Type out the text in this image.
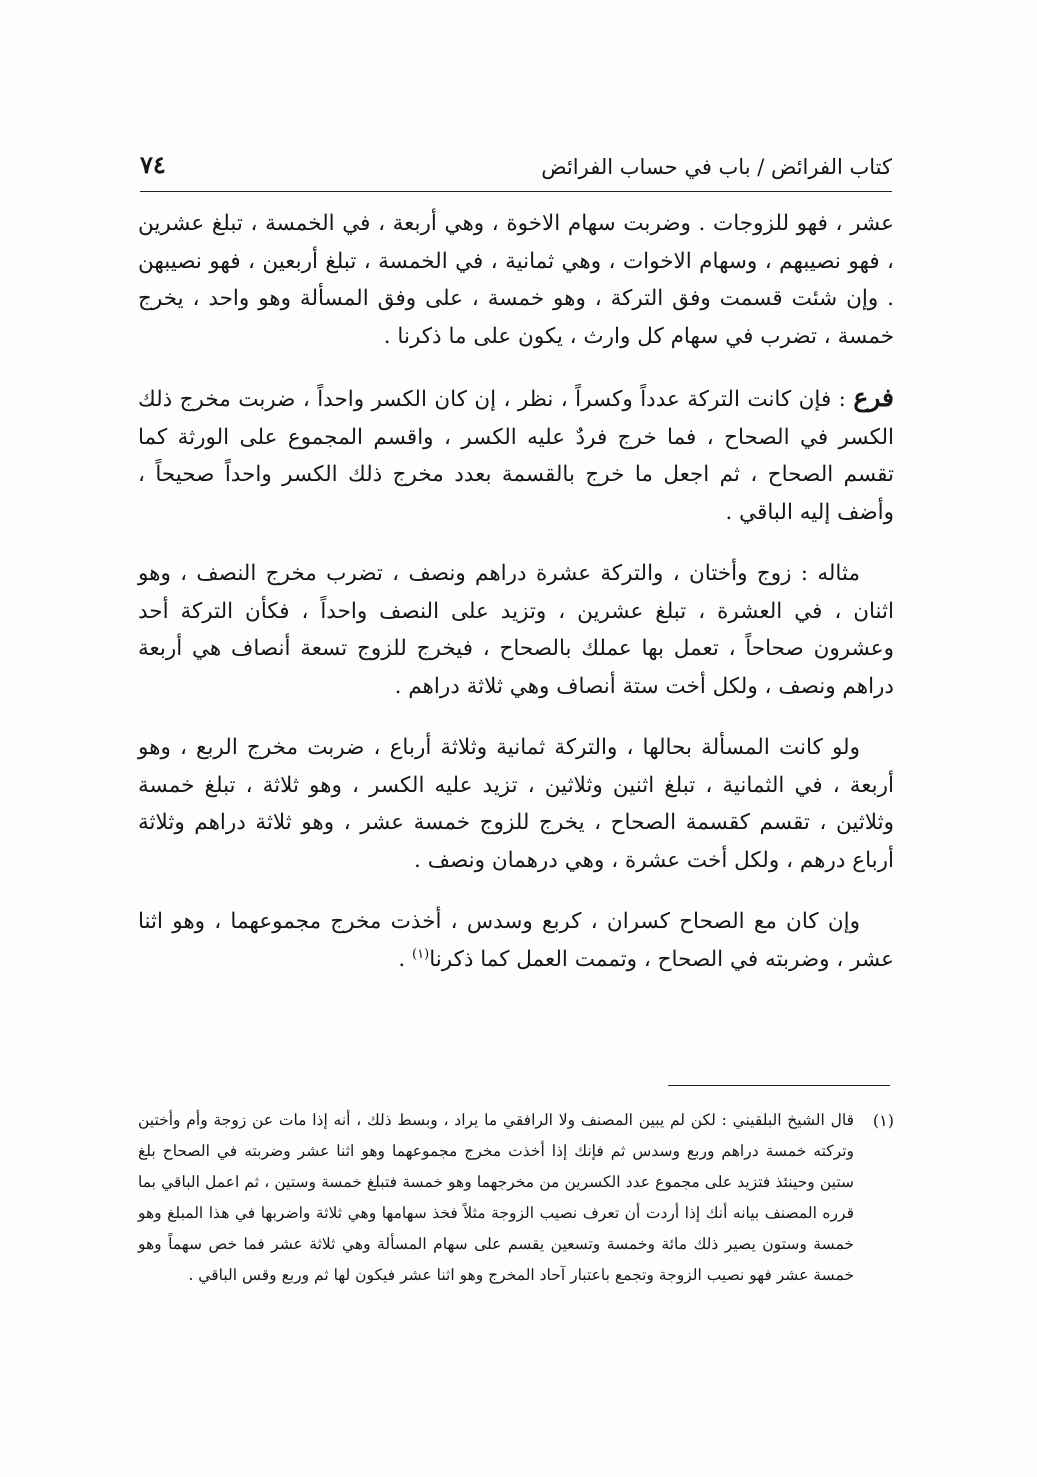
كتاب الفرائض / باب في حساب الفرائض
٧٤

عشر ، فهو للزوجات . وضربت سهام الاخوة ، وهي أربعة ، في الخمسة ، تبلغ عشرين ، فهو نصيبهم ، وسهام الاخوات ، وهي ثمانية ، في الخمسة ، تبلغ أربعين ، فهو نصيبهن . وإن شئت قسمت وفق التركة ، وهو خمسة ، على وفق المسألة وهو واحد ، يخرج خمسة ، تضرب في سهام كل وارث ، يكون على ما ذكرنا .

فرع : فإن كانت التركة عدداً وكسراً ، نظر ، إن كان الكسر واحداً ، ضربت مخرج ذلك الكسر في الصحاح ، فما خرج فردٌ عليه الكسر ، واقسم المجموع على الورثة كما تقسم الصحاح ، ثم اجعل ما خرج بالقسمة بعدد مخرج ذلك الكسر واحداً صحيحاً ، وأضف إليه الباقي .

مثاله : زوج وأختان ، والتركة عشرة دراهم ونصف ، تضرب مخرج النصف ، وهو اثنان ، في العشرة ، تبلغ عشرين ، وتزيد على النصف واحداً ، فكأن التركة أحد وعشرون صحاحاً ، تعمل بها عملك بالصحاح ، فيخرج للزوج تسعة أنصاف هي أربعة دراهم ونصف ، ولكل أخت ستة أنصاف وهي ثلاثة دراهم .

ولو كانت المسألة بحالها ، والتركة ثمانية وثلاثة أرباع ، ضربت مخرج الربع ، وهو أربعة ، في الثمانية ، تبلغ اثنين وثلاثين ، تزيد عليه الكسر ، وهو ثلاثة ، تبلغ خمسة وثلاثين ، تقسم كقسمة الصحاح ، يخرج للزوج خمسة عشر ، وهو ثلاثة دراهم وثلاثة أرباع درهم ، ولكل أخت عشرة ، وهي درهمان ونصف .

وإن كان مع الصحاح كسران ، كربع وسدس ، أخذت مخرج مجموعهما ، وهو اثنا عشر ، وضربته في الصحاح ، وتممت العمل كما ذكرنا$^{(١)}$ .

(١)

قال الشيخ البلقيني : لكن لم يبين المصنف ولا الرافقي ما يراد ، وبسط ذلك ، أنه إذا مات عن زوجة وأم وأختين وتركته خمسة دراهم وربع وسدس ثم فإنك إذا أخذت مخرج مجموعهما وهو اثنا عشر وضربته في الصحاح بلغ ستين وحينئذ فتزيد على مجموع عدد الكسرين من مخرجهما وهو خمسة فتبلغ خمسة وستين ، ثم اعمل الباقي بما قرره المصنف بيانه أنك إذا أردت أن تعرف نصيب الزوجة مثلاً فخذ سهامها وهي ثلاثة واضربها في هذا المبلغ وهو خمسة وستون يصير ذلك مائة وخمسة وتسعين يقسم على سهام المسألة وهي ثلاثة عشر فما خص سهماً وهو خمسة عشر فهو نصيب الزوجة وتجمع باعتبار آحاد المخرج وهو اثنا عشر فيكون لها ثم وربع وقس الباقي .
